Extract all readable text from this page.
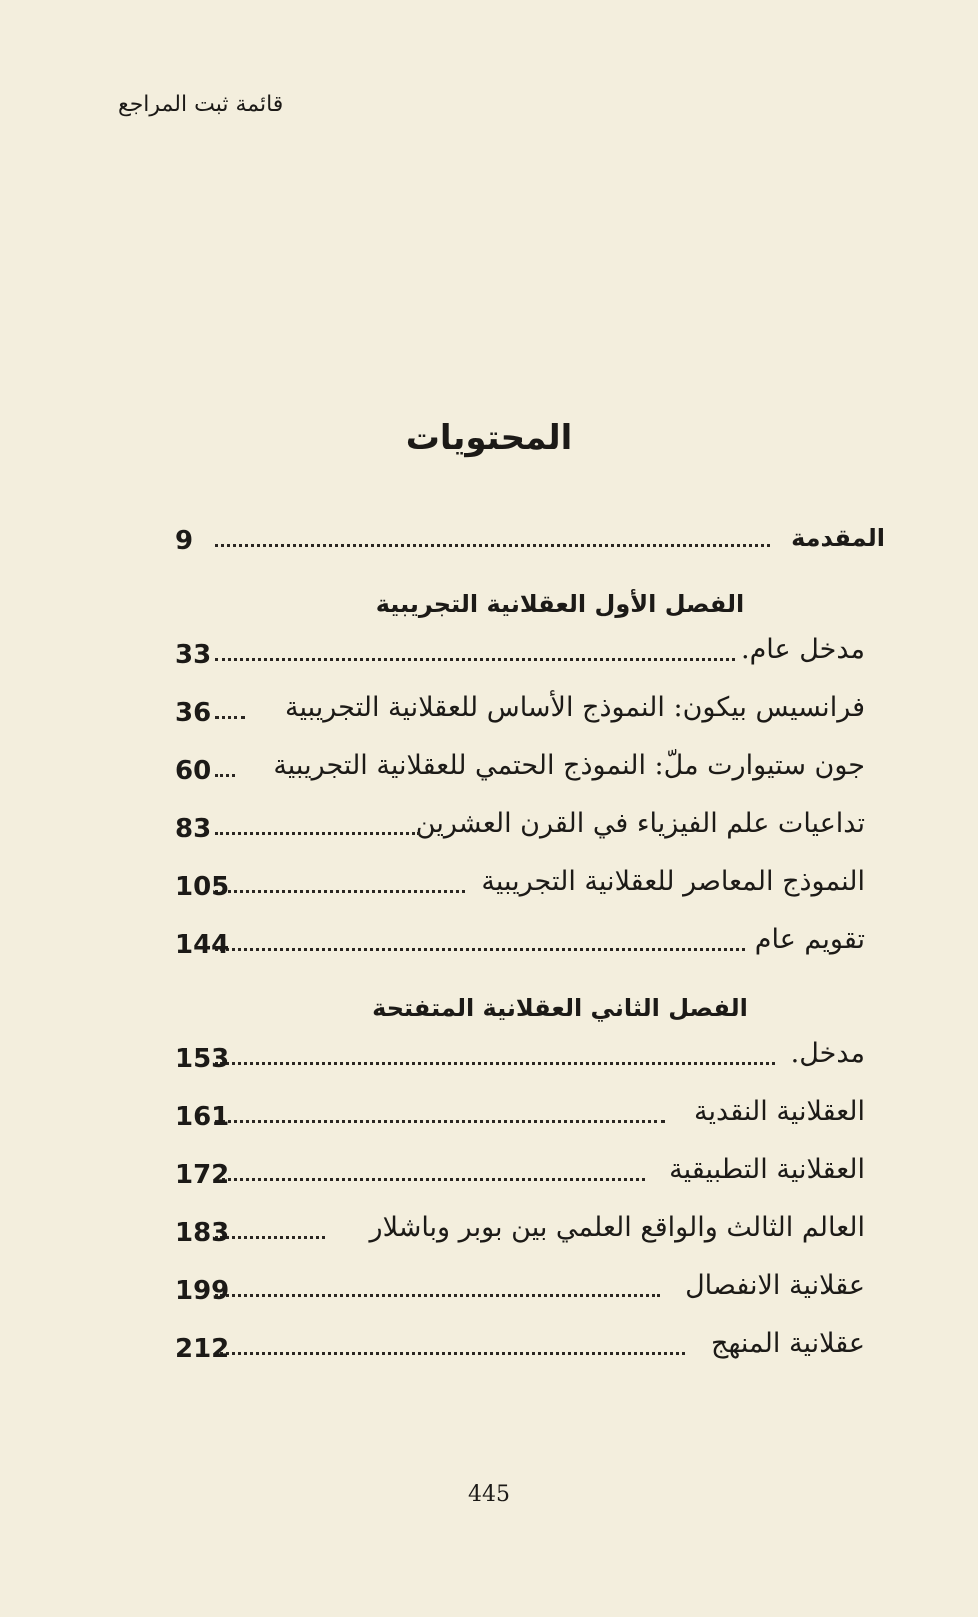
قائمة ثبت المراجع
المحتويات
المقدمة
9
الفصل الأول العقلانية التجريبية
مدخل عام.
33
فرانسيس بيكون: النموذج الأساس للعقلانية التجريبية
36
جون ستيوارت ملّ: النموذج الحتمي للعقلانية التجريبية
60
تداعيات علم الفيزياء في القرن العشرين
83
النموذج المعاصر للعقلانية التجريبية
105
تقويم عام
144
الفصل الثاني العقلانية المتفتحة
مدخل.
153
العقلانية النقدية
161
العقلانية التطبيقية
172
العالم الثالث والواقع العلمي بين بوبر وباشلار
183
عقلانية الانفصال
199
عقلانية المنهج
212
445
